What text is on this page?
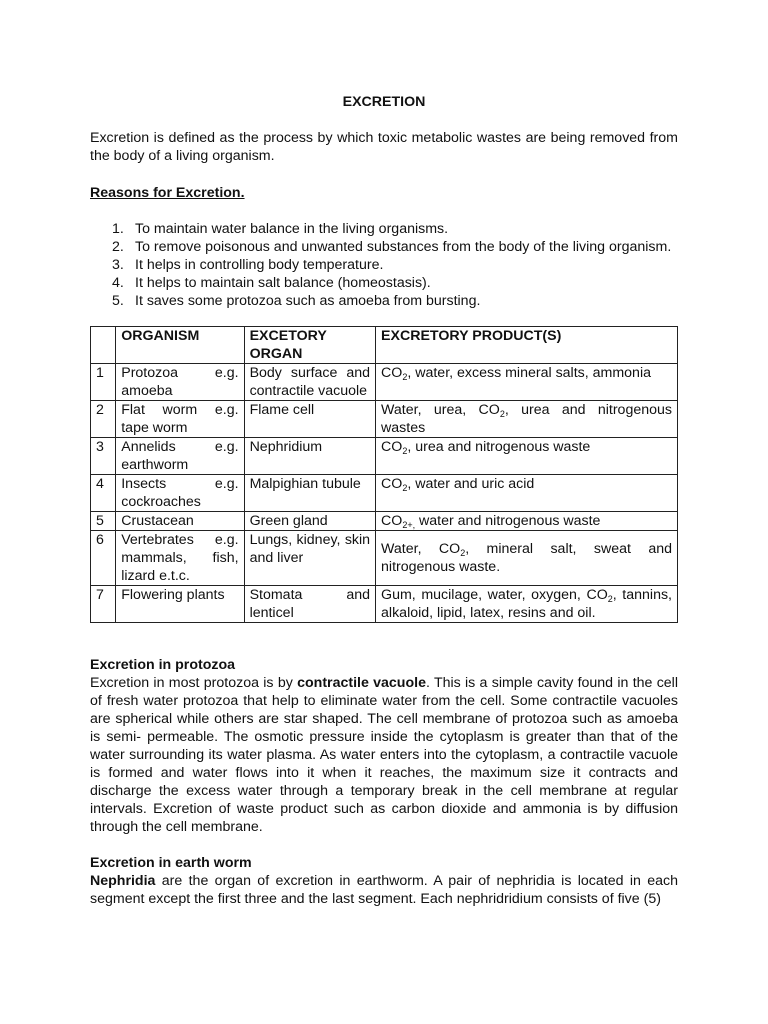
EXCRETION

Excretion is defined as the process by which toxic metabolic wastes are being removed from the body of a living organism.

Reasons for Excretion.

1. To maintain water balance in the living organisms.
2. To remove poisonous and unwanted substances from the body of the living organism.
3. It helps in controlling body temperature.
4. It helps to maintain salt balance (homeostasis).
5. It saves some protozoa such as amoeba from bursting.
	ORGANISM	EXCETORY ORGAN	EXCRETORY PRODUCT(S)
1	Protozoa e.g. amoeba	Body surface and contractile vacuole	$CO_2$, water, excess mineral salts, ammonia
2	Flat worm e.g. tape worm	Flame cell	Water, urea, $CO_2$, urea and nitrogenous wastes
3	Annelids e.g. earthworm	Nephridium	$CO_2$, urea and nitrogenous waste
4	Insects e.g. cockroaches	Malpighian tubule	$CO_2$, water and uric acid
5	Crustacean	Green gland	$CO_{2+,}$ water and nitrogenous waste
6	Vertebrates e.g. mammals, fish, lizard e.t.c.	Lungs, kidney, skin and liver	Water, $CO_2$, mineral salt, sweat and nitrogenous waste.
7	Flowering plants	Stomata and lenticel	Gum, mucilage, water, oxygen, $CO_2$, tannins, alkaloid, lipid, latex, resins and oil.

Excretion in protozoa

Excretion in most protozoa is by contractile vacuole. This is a simple cavity found in the cell of fresh water protozoa that help to eliminate water from the cell. Some contractile vacuoles are spherical while others are star shaped. The cell membrane of protozoa such as amoeba is semi- permeable. The osmotic pressure inside the cytoplasm is greater than that of the water surrounding its water plasma. As water enters into the cytoplasm, a contractile vacuole is formed and water flows into it when it reaches, the maximum size it contracts and discharge the excess water through a temporary break in the cell membrane at regular intervals. Excretion of waste product such as carbon dioxide and ammonia is by diffusion through the cell membrane.

Excretion in earth worm

Nephridia are the organ of excretion in earthworm. A pair of nephridia is located in each segment except the first three and the last segment. Each nephridridium consists of five (5)
